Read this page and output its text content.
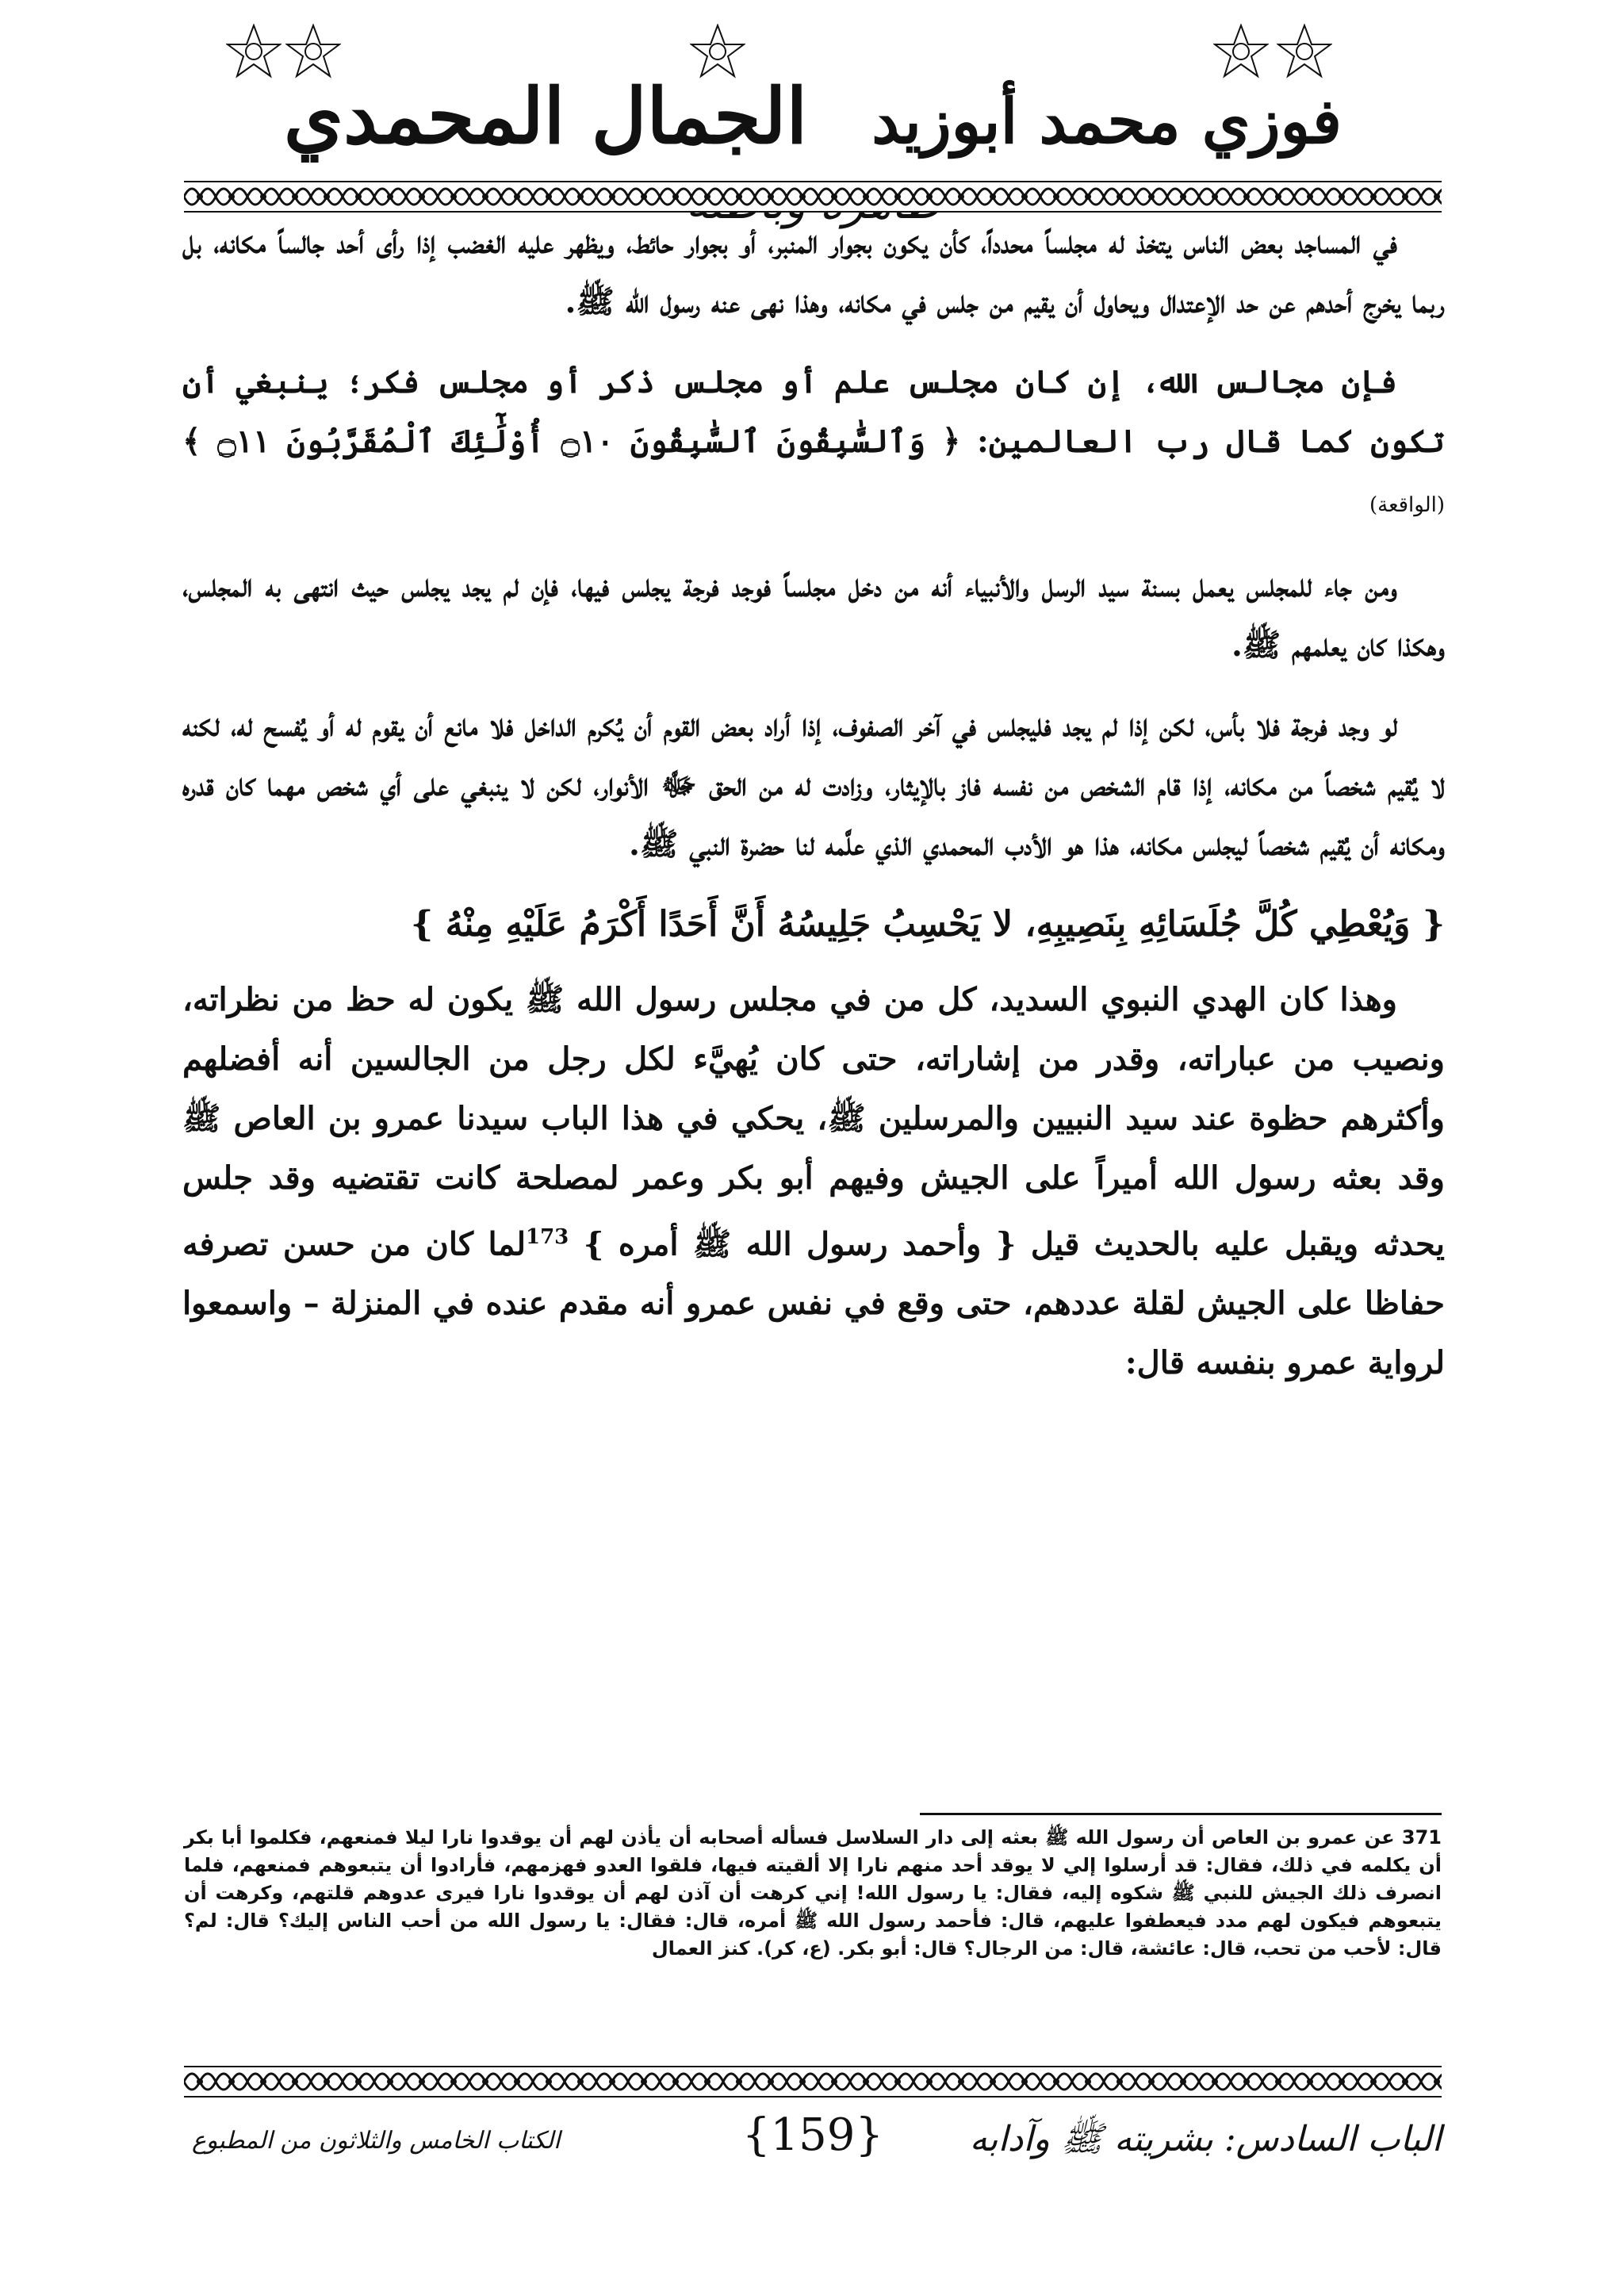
فوزي محمد أبوزيد الجمال المحمدي

في المساجد بعض الناس يتخذ له مجلساً محدداً، كأن يكون بجوار المنبر، أو بجوار حائط، ويظهر عليه الغضب إذا رأى أحد جالساً مكانه، بل ربما يخرج أحدهم عن حد الإعتدال ويحاول أن يقيم من جلس في مكانه، وهذا نهى عنه رسول الله ﷺ.

فإن مجالس الله، إن كان مجلس علم أو مجلس ذكر أو مجلس فكر؛ ينبغي أن تكون كما قال رب العالمين: ﴿ وَٱلسَّٰبِقُونَ ٱلسَّٰبِقُونَ ۝١٠ أُوْلَٰٓئِكَ ٱلْمُقَرَّبُونَ ۝١١ ﴾ (الواقعة)

ومن جاء للمجلس يعمل بسنة سيد الرسل والأنبياء أنه من دخل مجلساً فوجد فرجة يجلس فيها، فإن لم يجد يجلس حيث انتهى به المجلس، وهكذا كان يعلمهم ﷺ.

لو وجد فرجة فلا بأس، لكن إذا لم يجد فليجلس في آخر الصفوف، إذا أراد بعض القوم أن يُكرم الداخل فلا مانع أن يقوم له أو يُفسح له، لكنه لا يُقيم شخصاً من مكانه، إذا قام الشخص من نفسه فاز بالإيثار، وزادت له من الحق ﷻ الأنوار، لكن لا ينبغي على أي شخص مهما كان قدره ومكانه أن يُقيم شخصاً ليجلس مكانه، هذا هو الأدب المحمدي الذي علَّمه لنا حضرة النبي ﷺ.

{ وَيُعْطِي كُلَّ جُلَسَائِهِ بِنَصِيبِهِ، لا يَحْسِبُ جَلِيسُهُ أَنَّ أَحَدًا أَكْرَمُ عَلَيْهِ مِنْهُ }

وهذا كان الهدي النبوي السديد، كل من في مجلس رسول الله ﷺ يكون له حظ من نظراته، ونصيب من عباراته، وقدر من إشاراته، حتى كان يُهيَّء لكل رجل من الجالسين أنه أفضلهم وأكثرهم حظوة عند سيد النبيين والمرسلين ﷺ، يحكي في هذا الباب سيدنا عمرو بن العاص ﷺ وقد بعثه رسول الله أميراً على الجيش وفيهم أبو بكر وعمر لمصلحة كانت تقتضيه وقد جلس يحدثه ويقبل عليه بالحديث قيل { وأحمد رسول الله ﷺ أمره } $^{173}$لما كان من حسن تصرفه حفاظا على الجيش لقلة عددهم، حتى وقع في نفس عمرو أنه مقدم عنده في المنزلة – واسمعوا لرواية عمرو بنفسه قال:

371 عن عمرو بن العاص أن رسول الله ﷺ بعثه إلى دار السلاسل فسأله أصحابه أن يأذن لهم أن يوقدوا نارا ليلا فمنعهم، فكلموا أبا بكر أن يكلمه في ذلك، فقال: قد أرسلوا إلي لا يوقد أحد منهم نارا إلا ألقيته فيها، فلقوا العدو فهزمهم، فأرادوا أن يتبعوهم فمنعهم، فلما انصرف ذلك الجيش للنبي ﷺ شكوه إليه، فقال: يا رسول الله! إني كرهت أن آذن لهم أن يوقدوا نارا فيرى عدوهم قلتهم، وكرهت أن يتبعوهم فيكون لهم مدد فيعطفوا عليهم، قال: فأحمد رسول الله ﷺ أمره، قال: فقال: يا رسول الله من أحب الناس إليك؟ قال: لم؟ قال: لأحب من تحب، قال: عائشة، قال: من الرجال؟ قال: أبو بكر. (ع، كر). كنز العمال
الباب السادس: بشريته ﷺ وآدابه
{159}
الكتاب الخامس والثلاثون من المطبوع
